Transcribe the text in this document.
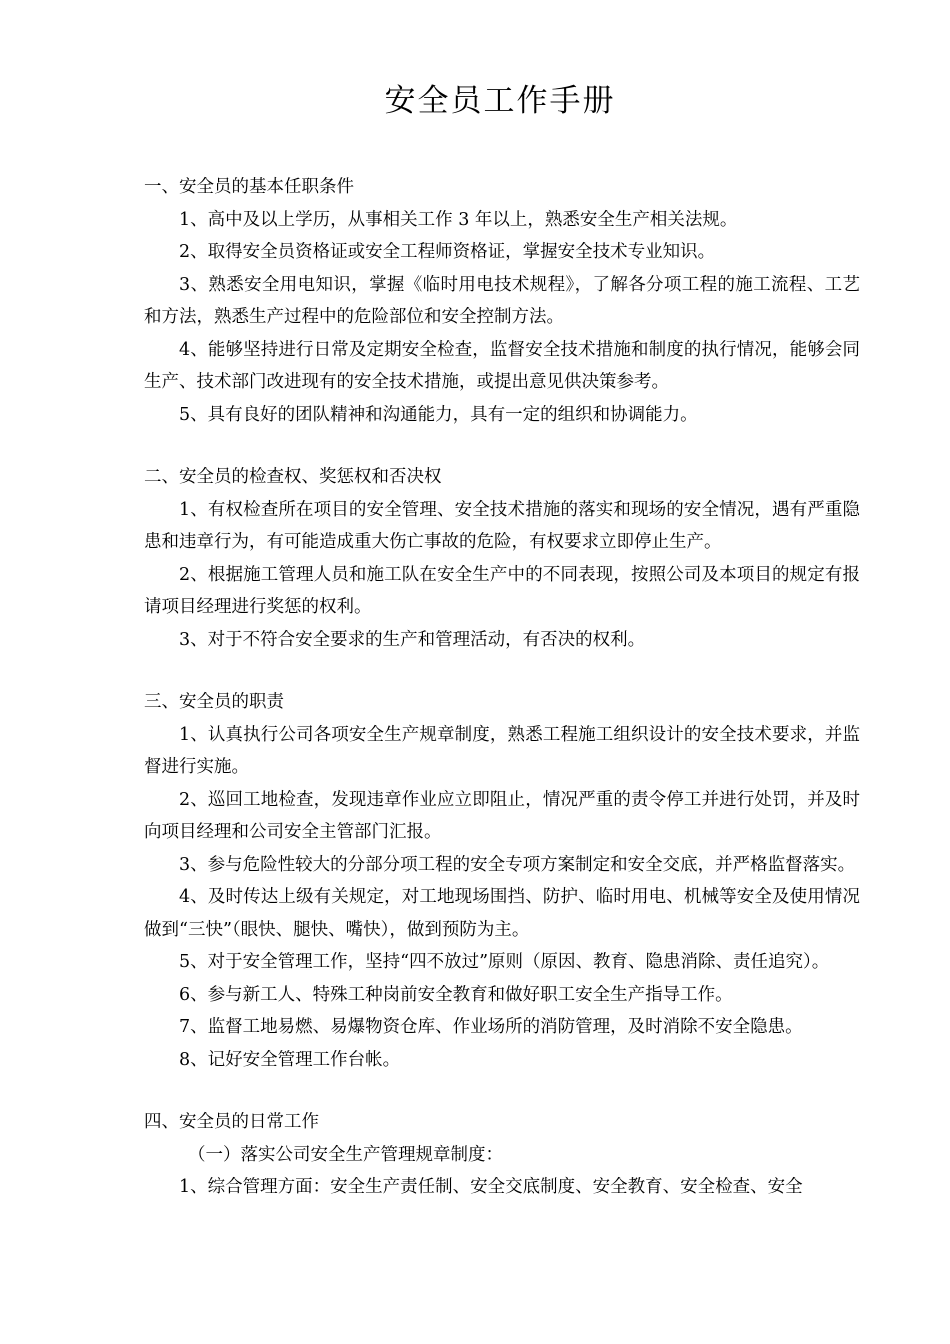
安全员工作手册

一、安全员的基本任职条件

1、高中及以上学历，从事相关工作 3 年以上，熟悉安全生产相关法规。

2、取得安全员资格证或安全工程师资格证，掌握安全技术专业知识。

3、熟悉安全用电知识，掌握《临时用电技术规程》，了解各分项工程的施工流程、工艺和方法，熟悉生产过程中的危险部位和安全控制方法。

4、能够坚持进行日常及定期安全检查，监督安全技术措施和制度的执行情况，能够会同生产、技术部门改进现有的安全技术措施，或提出意见供决策参考。

5、具有良好的团队精神和沟通能力，具有一定的组织和协调能力。

二、安全员的检查权、奖惩权和否决权

1、有权检查所在项目的安全管理、安全技术措施的落实和现场的安全情况，遇有严重隐患和违章行为，有可能造成重大伤亡事故的危险，有权要求立即停止生产。

2、根据施工管理人员和施工队在安全生产中的不同表现，按照公司及本项目的规定有报请项目经理进行奖惩的权利。

3、对于不符合安全要求的生产和管理活动，有否决的权利。

三、安全员的职责

1、认真执行公司各项安全生产规章制度，熟悉工程施工组织设计的安全技术要求，并监督进行实施。

2、巡回工地检查，发现违章作业应立即阻止，情况严重的责令停工并进行处罚，并及时向项目经理和公司安全主管部门汇报。

3、参与危险性较大的分部分项工程的安全专项方案制定和安全交底，并严格监督落实。

4、及时传达上级有关规定，对工地现场围挡、防护、临时用电、机械等安全及使用情况做到“三快”（眼快、腿快、嘴快），做到预防为主。

5、对于安全管理工作，坚持“四不放过”原则（原因、教育、隐患消除、责任追究）。

6、参与新工人、特殊工种岗前安全教育和做好职工安全生产指导工作。

7、监督工地易燃、易爆物资仓库、作业场所的消防管理，及时消除不安全隐患。

8、记好安全管理工作台帐。

四、安全员的日常工作

（一）落实公司安全生产管理规章制度：

1、综合管理方面：安全生产责任制、安全交底制度、安全教育、安全检查、安全
